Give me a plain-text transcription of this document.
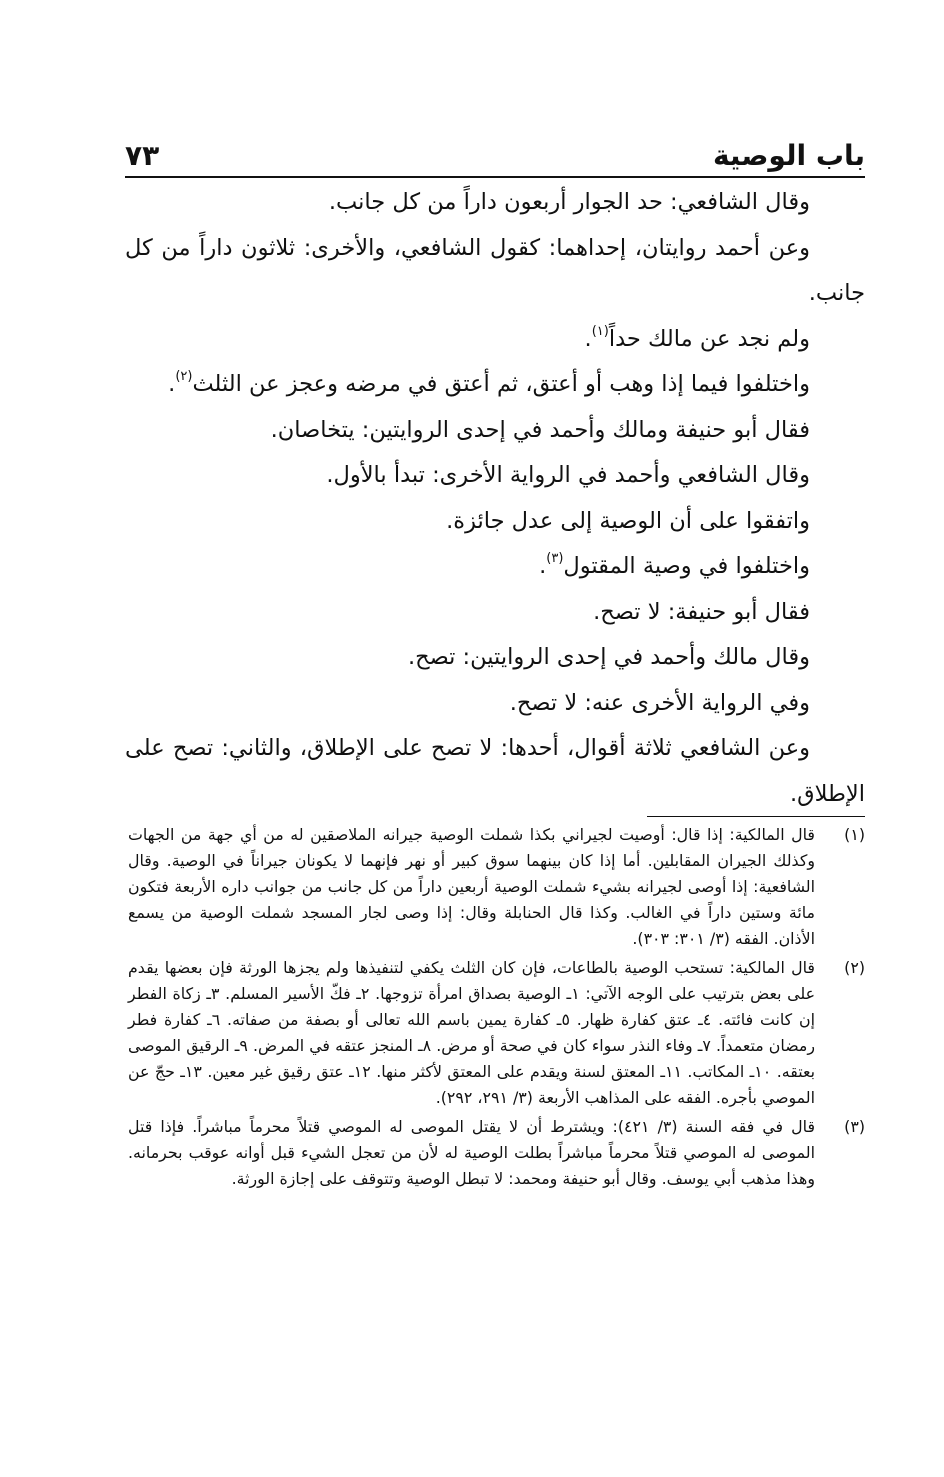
باب الوصية
٧٣

وقال الشافعي: حد الجوار أربعون داراً من كل جانب.

وعن أحمد روايتان، إحداهما: كقول الشافعي، والأخرى: ثلاثون داراً من كل جانب.

ولم نجد عن مالك حداً$^{(١)}$.

واختلفوا فيما إذا وهب أو أعتق، ثم أعتق في مرضه وعجز عن الثلث$^{(٢)}$.

فقال أبو حنيفة ومالك وأحمد في إحدى الروايتين: يتخاصان.

وقال الشافعي وأحمد في الرواية الأخرى: تبدأ بالأول.

واتفقوا على أن الوصية إلى عدل جائزة.

واختلفوا في وصية المقتول$^{(٣)}$.

فقال أبو حنيفة: لا تصح.

وقال مالك وأحمد في إحدى الروايتين: تصح.

وفي الرواية الأخرى عنه: لا تصح.

وعن الشافعي ثلاثة أقوال، أحدها: لا تصح على الإطلاق، والثاني: تصح على الإطلاق.

(١)
قال المالكية: إذا قال: أوصيت لجيراني بكذا شملت الوصية جيرانه الملاصقين له من أي جهة من الجهات وكذلك الجيران المقابلين. أما إذا كان بينهما سوق كبير أو نهر فإنهما لا يكونان جيراناً في الوصية. وقال الشافعية: إذا أوصى لجيرانه بشيء شملت الوصية أربعين داراً من كل جانب من جوانب داره الأربعة فتكون مائة وستين داراً في الغالب. وكذا قال الحنابلة وقال: إذا وصى لجار المسجد شملت الوصية من يسمع الأذان. الفقه (٣/ ٣٠١: ٣٠٣).
(٢)
قال المالكية: تستحب الوصية بالطاعات، فإن كان الثلث يكفي لتنفيذها ولم يجزها الورثة فإن بعضها يقدم على بعض بترتيب على الوجه الآتي: ١ـ الوصية بصداق امرأة تزوجها. ٢ـ فكّ الأسير المسلم. ٣ـ زكاة الفطر إن كانت فائته. ٤ـ عتق كفارة ظهار. ٥ـ كفارة يمين باسم الله تعالى أو بصفة من صفاته. ٦ـ كفارة فطر رمضان متعمداً. ٧ـ وفاء النذر سواء كان في صحة أو مرض. ٨ـ المنجز عتقه في المرض. ٩ـ الرقيق الموصى بعتقه. ١٠ـ المكاتب. ١١ـ المعتق لسنة ويقدم على المعتق لأكثر منها. ١٢ـ عتق رقيق غير معين. ١٣ـ حجّ عن الموصي بأجره. الفقه على المذاهب الأربعة (٣/ ٢٩١، ٢٩٢).
(٣)
قال في فقه السنة (٣/ ٤٢١): ويشترط أن لا يقتل الموصى له الموصي قتلاً محرماً مباشراً. فإذا قتل الموصى له الموصي قتلاً محرماً مباشراً بطلت الوصية له لأن من تعجل الشيء قبل أوانه عوقب بحرمانه. وهذا مذهب أبي يوسف. وقال أبو حنيفة ومحمد: لا تبطل الوصية وتتوقف على إجازة الورثة.
